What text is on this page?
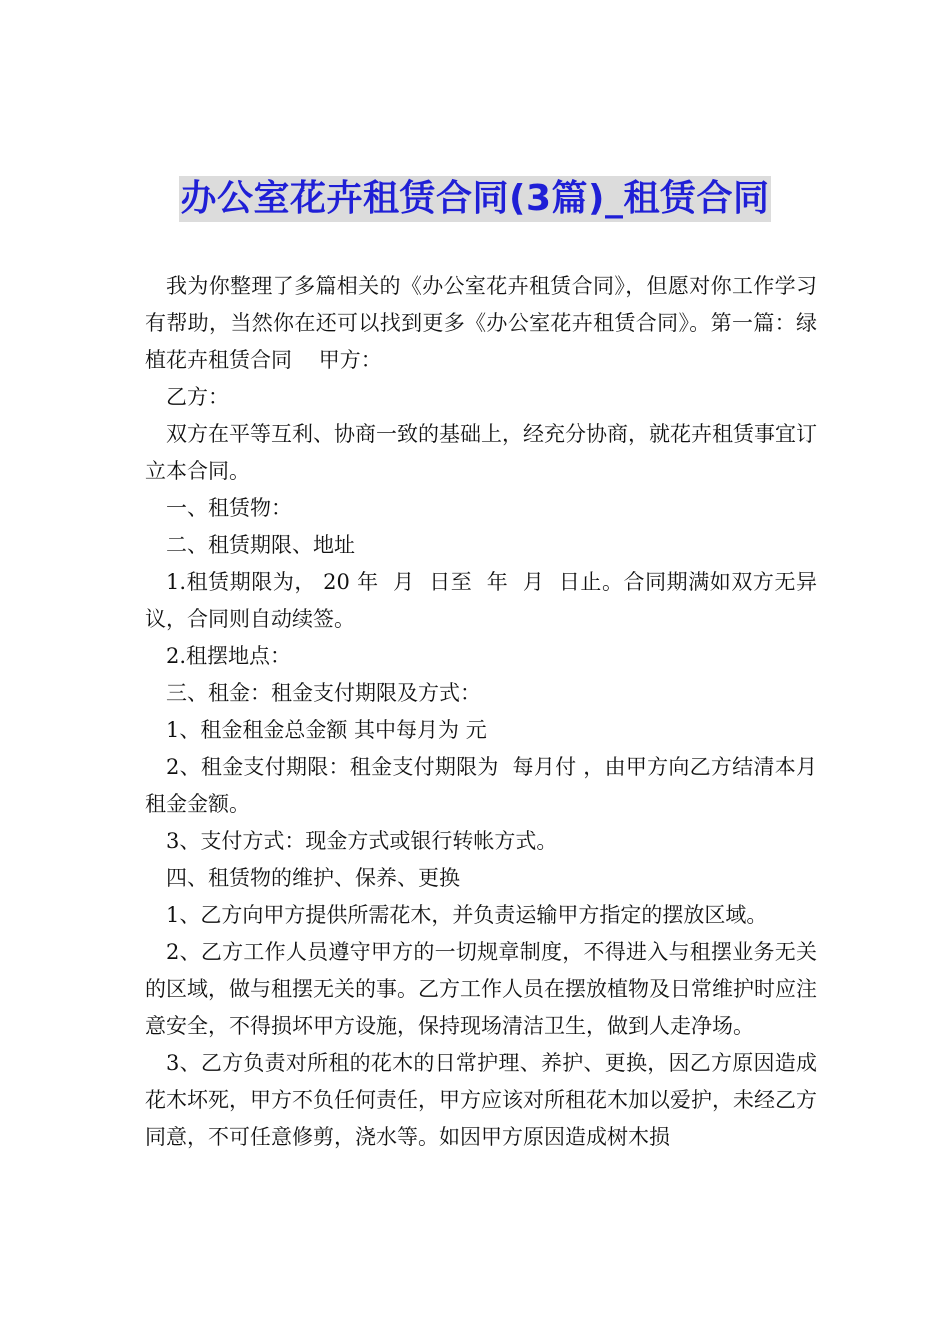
办公室花卉租赁合同(3篇)_租赁合同

我为你整理了多篇相关的《办公室花卉租赁合同》，但愿对你工作学习有帮助，当然你在还可以找到更多《办公室花卉租赁合同》。第一篇：绿植花卉租赁合同    甲方：

乙方：

双方在平等互利、协商一致的基础上，经充分协商，就花卉租赁事宜订立本合同。

一、租赁物：

二、租赁期限、地址

1.租赁期限为， 20 年  月  日至  年  月  日止。合同期满如双方无异议，合同则自动续签。

2.租摆地点：

三、租金：租金支付期限及方式：

1、租金租金总金额 其中每月为 元

2、租金支付期限：租金支付期限为  每月付 ，由甲方向乙方结清本月租金金额。

3、支付方式：现金方式或银行转帐方式。

四、租赁物的维护、保养、更换

1、乙方向甲方提供所需花木，并负责运输甲方指定的摆放区域。

2、乙方工作人员遵守甲方的一切规章制度，不得进入与租摆业务无关的区域，做与租摆无关的事。乙方工作人员在摆放植物及日常维护时应注意安全，不得损坏甲方设施，保持现场清洁卫生，做到人走净场。

3、乙方负责对所租的花木的日常护理、养护、更换，因乙方原因造成花木坏死，甲方不负任何责任，甲方应该对所租花木加以爱护，未经乙方同意，不可任意修剪，浇水等。如因甲方原因造成树木损
